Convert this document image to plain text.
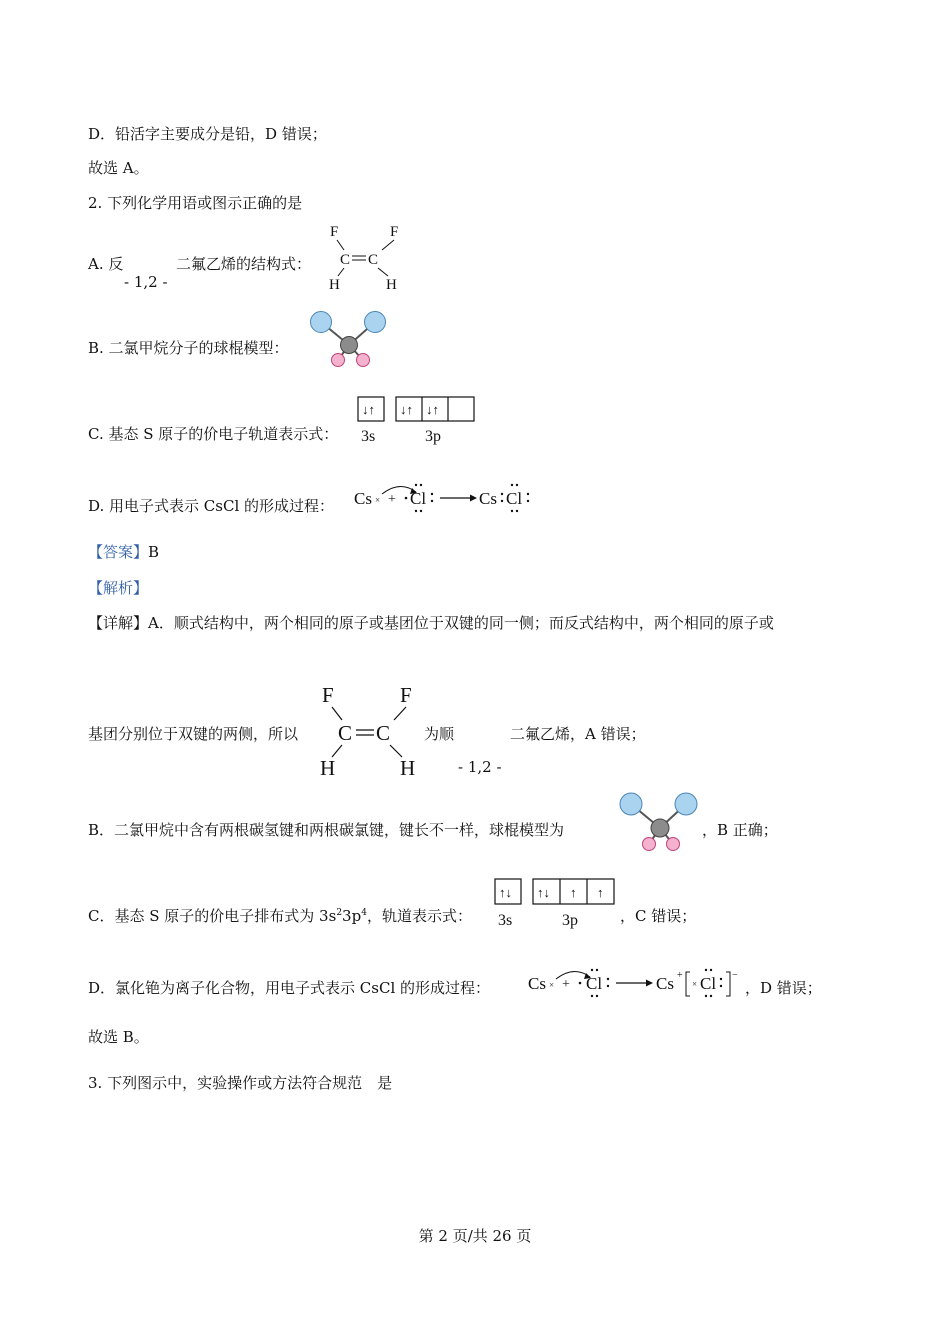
D．铅活字主要成分是铅，D 错误；
故选 A。
2. 下列化学用语或图示正确的是
A. 反	二氟乙烯的结构式：
- 1,2 -
B. 二氯甲烷分子的球棍模型：
C. 基态 S 原子的价电子轨道表示式：
D. 用电子式表示 CsCl 的形成过程：
【答案】B
【解析】
【详解】A．顺式结构中，两个相同的原子或基团位于双键的同一侧；而反式结构中，两个相同的原子或
基团分别位于双键的两侧，所以	为顺	二氟乙烯，A 错误；
- 1,2 -
B．二氯甲烷中含有两根碳氢键和两根碳氯键，键长不一样，球棍模型为	，B 正确；
C．基态 S 原子的价电子排布式为 $3s^23p^4$，轨道表示式：	，C 错误；
D．氯化铯为离子化合物，用电子式表示 CsCl 的形成过程：	，D 错误；
故选 B。
3. 下列图示中，实验操作或方法符合规范　是
第 2 页/共 26 页
F	F
C C
H	H
↓↑ ↓↑ ↓↑
3s	3p
Cs × + Cl	Cs Cl
F	F
C C
H	H
↑↓ ↑↓ ↑ ↑
3s	3p
Cs × + Cl	Cs +
× Cl −
